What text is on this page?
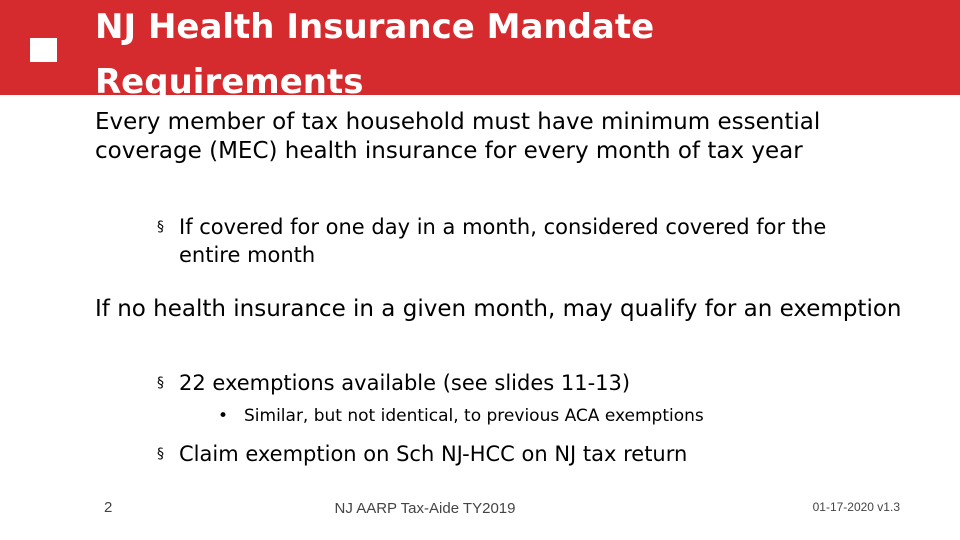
NJ Health Insurance Mandate
Requirements
Every member of tax household must have minimum essential coverage (MEC) health insurance for every month of tax year
§ If covered for one day in a month, considered covered for the entire month
If no health insurance in a given month, may qualify for an exemption
§ 22 exemptions available (see slides 11-13)
• Similar, but not identical, to previous ACA exemptions
§ Claim exemption on Sch NJ-HCC on NJ tax return
2	NJ AARP Tax-Aide TY2019	01-17-2020 v1.3
